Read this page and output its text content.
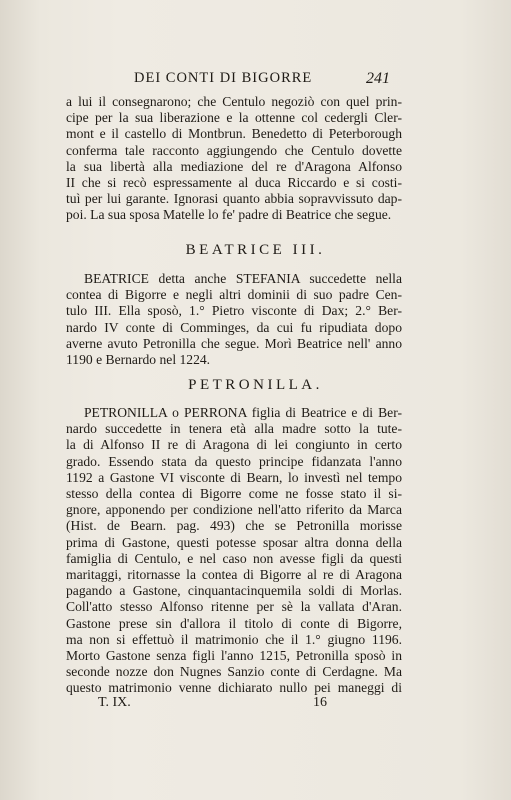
DEI CONTI DI BIGORRE	241
a lui il consegnarono; che Centulo negoziò con quel prin-
cipe per la sua liberazione e la ottenne col cedergli Cler-
mont e il castello di Montbrun. Benedetto di Peterborough
conferma tale racconto aggiungendo che Centulo dovette
la sua libertà alla mediazione del re d'Aragona Alfonso
II che si recò espressamente al duca Riccardo e si costi-
tuì per lui garante. Ignorasi quanto abbia sopravvissuto dap-
poi. La sua sposa Matelle lo fe' padre di Beatrice che segue.
BEATRICE III.
BEATRICE detta anche STEFANIA succedette nella
contea di Bigorre e negli altri dominii di suo padre Cen-
tulo III. Ella sposò, 1.° Pietro visconte di Dax; 2.° Ber-
nardo IV conte di Comminges, da cui fu ripudiata dopo
averne avuto Petronilla che segue. Morì Beatrice nell' anno
1190 e Bernardo nel 1224.
PETRONILLA.
PETRONILLA o PERRONA figlia di Beatrice e di Ber-
nardo succedette in tenera età alla madre sotto la tute-
la di Alfonso II re di Aragona di lei congiunto in certo
grado. Essendo stata da questo principe fidanzata l'anno
1192 a Gastone VI visconte di Bearn, lo investì nel tempo
stesso della contea di Bigorre come ne fosse stato il si-
gnore, apponendo per condizione nell'atto riferito da Marca
(Hist. de Bearn. pag. 493) che se Petronilla morisse
prima di Gastone, questi potesse sposar altra donna della
famiglia di Centulo, e nel caso non avesse figli da questi
maritaggi, ritornasse la contea di Bigorre al re di Aragona
pagando a Gastone, cinquantacinquemila soldi di Morlas.
Coll'atto stesso Alfonso ritenne per sè la vallata d'Aran.
Gastone prese sin d'allora il titolo di conte di Bigorre,
ma non si effettuò il matrimonio che il 1.° giugno 1196.
Morto Gastone senza figli l'anno 1215, Petronilla sposò in
seconde nozze don Nugnes Sanzio conte di Cerdagne. Ma
questo matrimonio venne dichiarato nullo pei maneggi di
T. IX.	16
